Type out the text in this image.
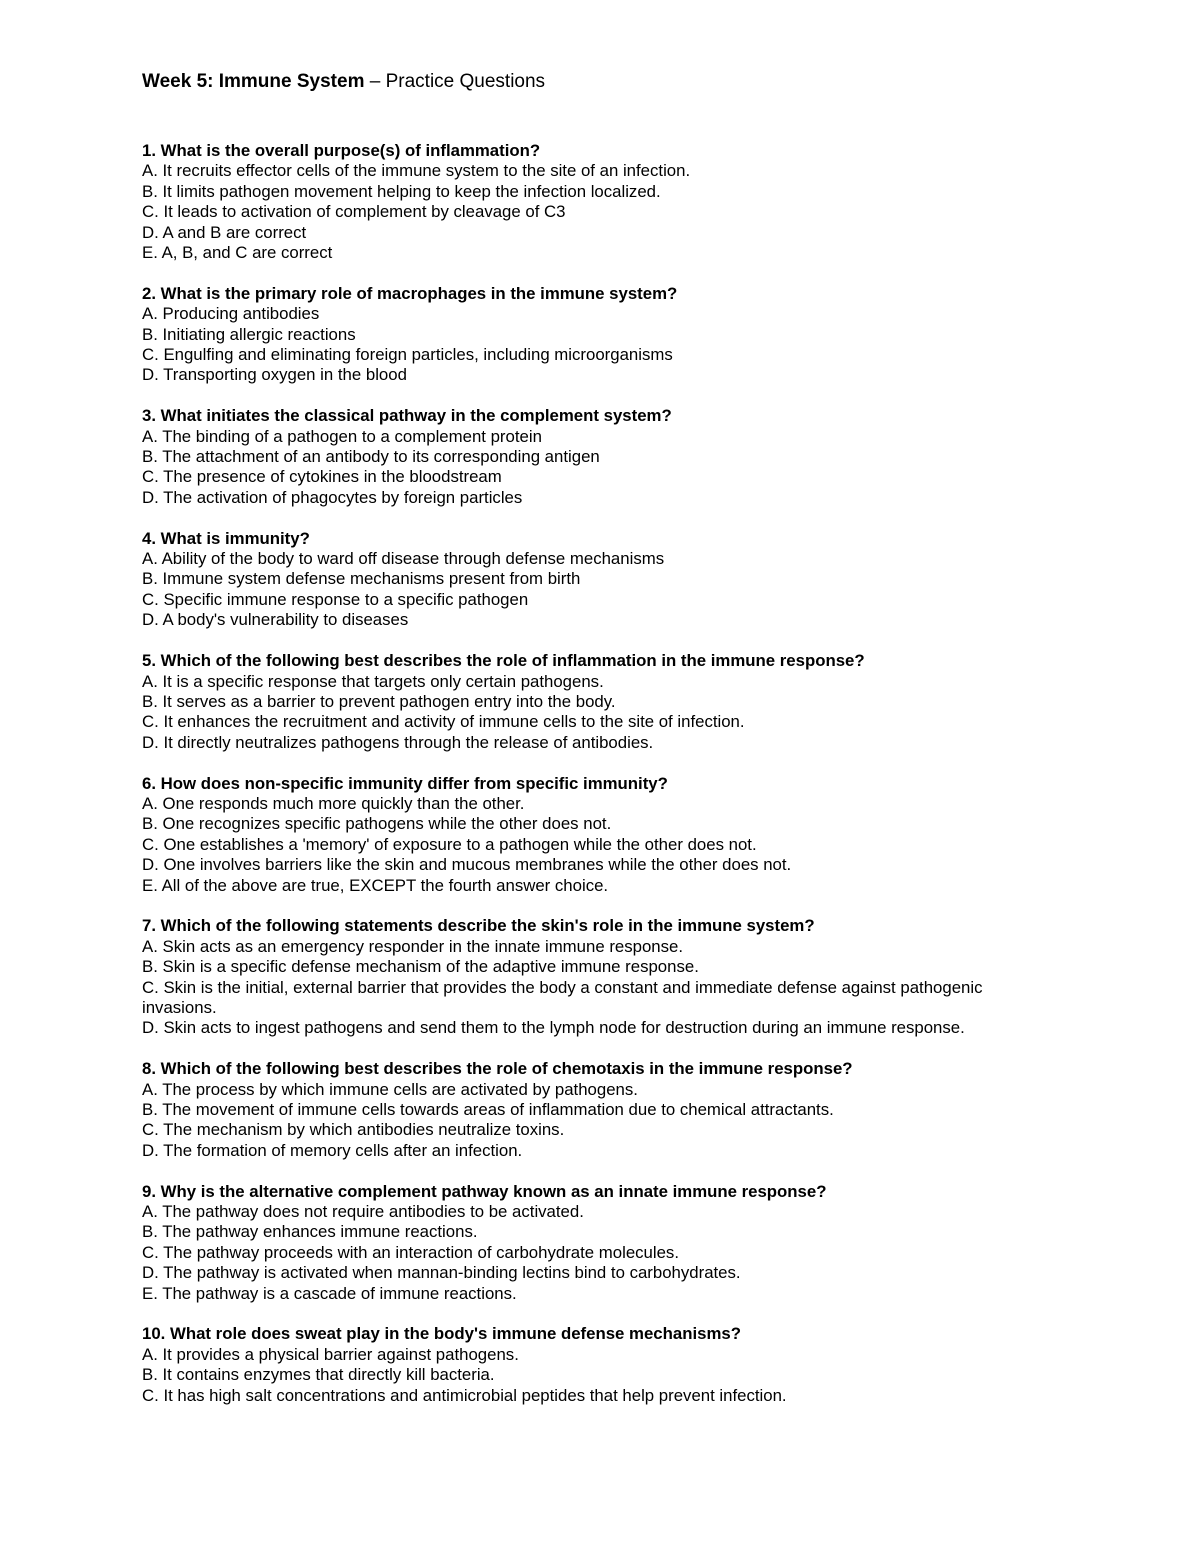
Week 5: Immune System – Practice Questions

1. What is the overall purpose(s) of inflammation?

A. It recruits effector cells of the immune system to the site of an infection.

B. It limits pathogen movement helping to keep the infection localized.

C. It leads to activation of complement by cleavage of C3

D. A and B are correct

E. A, B, and C are correct

2. What is the primary role of macrophages in the immune system?

A. Producing antibodies

B. Initiating allergic reactions

C. Engulfing and eliminating foreign particles, including microorganisms

D. Transporting oxygen in the blood

3. What initiates the classical pathway in the complement system?

A. The binding of a pathogen to a complement protein

B. The attachment of an antibody to its corresponding antigen

C. The presence of cytokines in the bloodstream

D. The activation of phagocytes by foreign particles

4. What is immunity?

A. Ability of the body to ward off disease through defense mechanisms

B. Immune system defense mechanisms present from birth

C. Specific immune response to a specific pathogen

D. A body's vulnerability to diseases

5. Which of the following best describes the role of inflammation in the immune response?

A. It is a specific response that targets only certain pathogens.

B. It serves as a barrier to prevent pathogen entry into the body.

C. It enhances the recruitment and activity of immune cells to the site of infection.

D. It directly neutralizes pathogens through the release of antibodies.

6. How does non-specific immunity differ from specific immunity?

A. One responds much more quickly than the other.

B. One recognizes specific pathogens while the other does not.

C. One establishes a 'memory' of exposure to a pathogen while the other does not.

D. One involves barriers like the skin and mucous membranes while the other does not.

E. All of the above are true, EXCEPT the fourth answer choice.

7. Which of the following statements describe the skin's role in the immune system?

A. Skin acts as an emergency responder in the innate immune response.

B. Skin is a specific defense mechanism of the adaptive immune response.

C. Skin is the initial, external barrier that provides the body a constant and immediate defense against pathogenic invasions.

D. Skin acts to ingest pathogens and send them to the lymph node for destruction during an immune response.

8. Which of the following best describes the role of chemotaxis in the immune response?

A. The process by which immune cells are activated by pathogens.

B. The movement of immune cells towards areas of inflammation due to chemical attractants.

C. The mechanism by which antibodies neutralize toxins.

D. The formation of memory cells after an infection.

9. Why is the alternative complement pathway known as an innate immune response?

A. The pathway does not require antibodies to be activated.

B. The pathway enhances immune reactions.

C. The pathway proceeds with an interaction of carbohydrate molecules.

D. The pathway is activated when mannan-binding lectins bind to carbohydrates.

E. The pathway is a cascade of immune reactions.

10. What role does sweat play in the body's immune defense mechanisms?

A. It provides a physical barrier against pathogens.

B. It contains enzymes that directly kill bacteria.

C. It has high salt concentrations and antimicrobial peptides that help prevent infection.
